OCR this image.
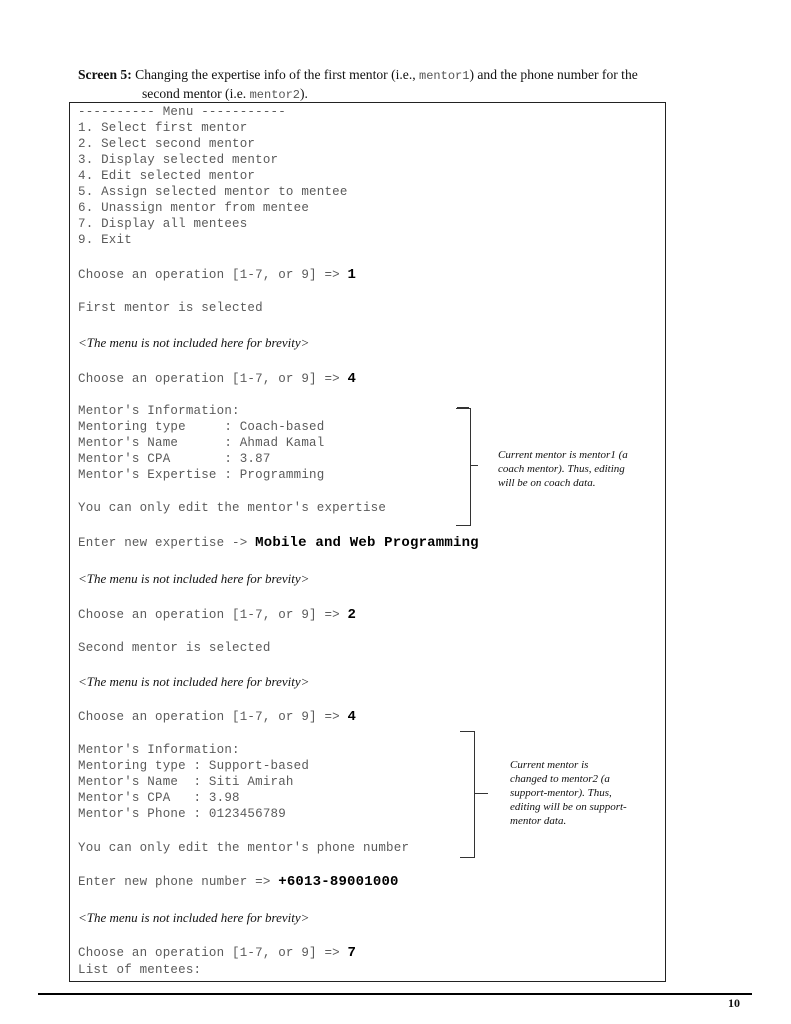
Screen 5: Changing the expertise info of the first mentor (i.e., mentor1) and the phone number for the
second mentor (i.e. mentor2).
---------- Menu -----------
1. Select first mentor
2. Select second mentor
3. Display selected mentor
4. Edit selected mentor
5. Assign selected mentor to mentee
6. Unassign mentor from mentee
7. Display all mentees
9. Exit
Choose an operation [1-7, or 9] => 1
First mentor is selected
<The menu is not included here for brevity>
Choose an operation [1-7, or 9] => 4
Mentor's Information:
Mentoring type     : Coach-based
Mentor's Name      : Ahmad Kamal
Mentor's CPA       : 3.87
Mentor's Expertise : Programming
You can only edit the mentor's expertise
Enter new expertise -> Mobile and Web Programming
<The menu is not included here for brevity>
Choose an operation [1-7, or 9] => 2
Second mentor is selected
<The menu is not included here for brevity>
Choose an operation [1-7, or 9] => 4
Mentor's Information:
Mentoring type : Support-based
Mentor's Name  : Siti Amirah
Mentor's CPA   : 3.98
Mentor's Phone : 0123456789
You can only edit the mentor's phone number
Enter new phone number => +6013-89001000
<The menu is not included here for brevity>
Choose an operation [1-7, or 9] => 7
List of mentees:
Current mentor is mentor1 (a
coach mentor). Thus, editing
will be on coach data.
Current mentor is
changed to mentor2 (a
support-mentor). Thus,
editing will be on support-
mentor data.
10
